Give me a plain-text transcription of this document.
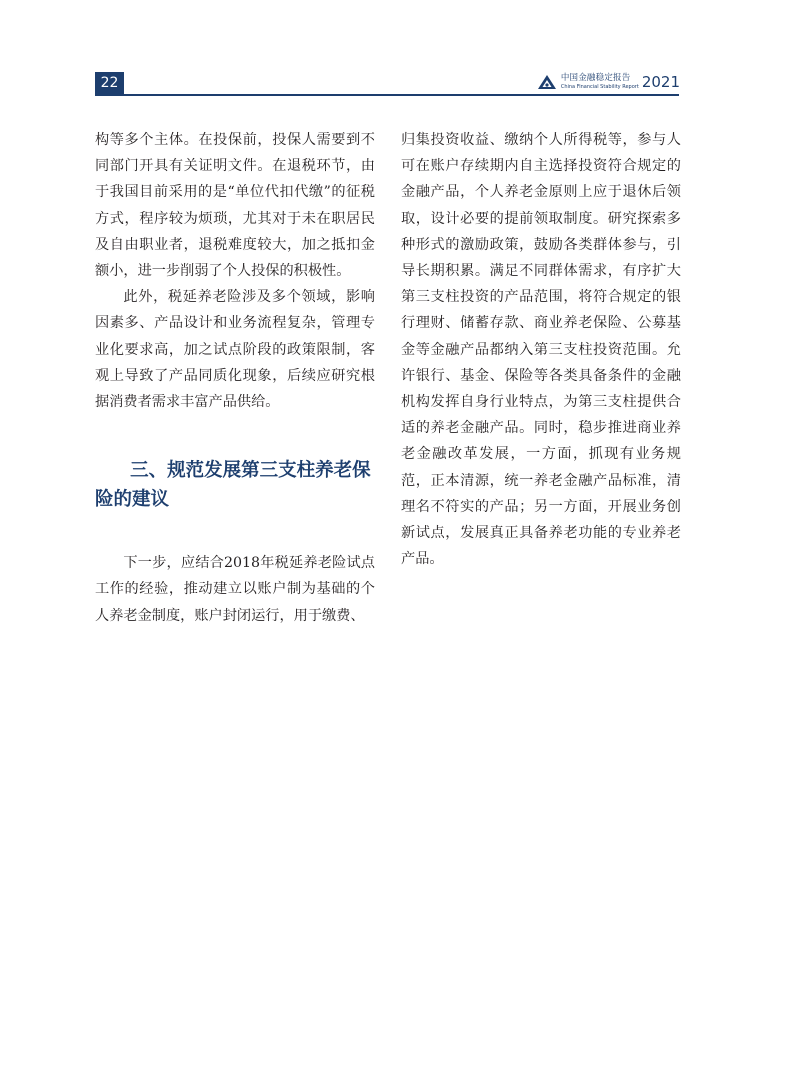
22	中国金融稳定报告
China Financial Stability Report 2021

构等多个主体。在投保前，投保人需要到不同部门开具有关证明文件。在退税环节，由于我国目前采用的是“单位代扣代缴”的征税方式，程序较为烦琐，尤其对于未在职居民及自由职业者，退税难度较大，加之抵扣金额小，进一步削弱了个人投保的积极性。

此外，税延养老险涉及多个领域，影响因素多、产品设计和业务流程复杂，管理专业化要求高，加之试点阶段的政策限制，客观上导致了产品同质化现象，后续应研究根据消费者需求丰富产品供给。

三、规范发展第三支柱养老保险的建议

下一步，应结合2018年税延养老险试点工作的经验，推动建立以账户制为基础的个人养老金制度，账户封闭运行，用于缴费、

归集投资收益、缴纳个人所得税等，参与人可在账户存续期内自主选择投资符合规定的金融产品，个人养老金原则上应于退休后领取，设计必要的提前领取制度。研究探索多种形式的激励政策，鼓励各类群体参与，引导长期积累。满足不同群体需求，有序扩大第三支柱投资的产品范围，将符合规定的银行理财、储蓄存款、商业养老保险、公募基金等金融产品都纳入第三支柱投资范围。允许银行、基金、保险等各类具备条件的金融机构发挥自身行业特点，为第三支柱提供合适的养老金融产品。同时，稳步推进商业养老金融改革发展，一方面，抓现有业务规范，正本清源，统一养老金融产品标准，清理名不符实的产品；另一方面，开展业务创新试点，发展真正具备养老功能的专业养老产品。
